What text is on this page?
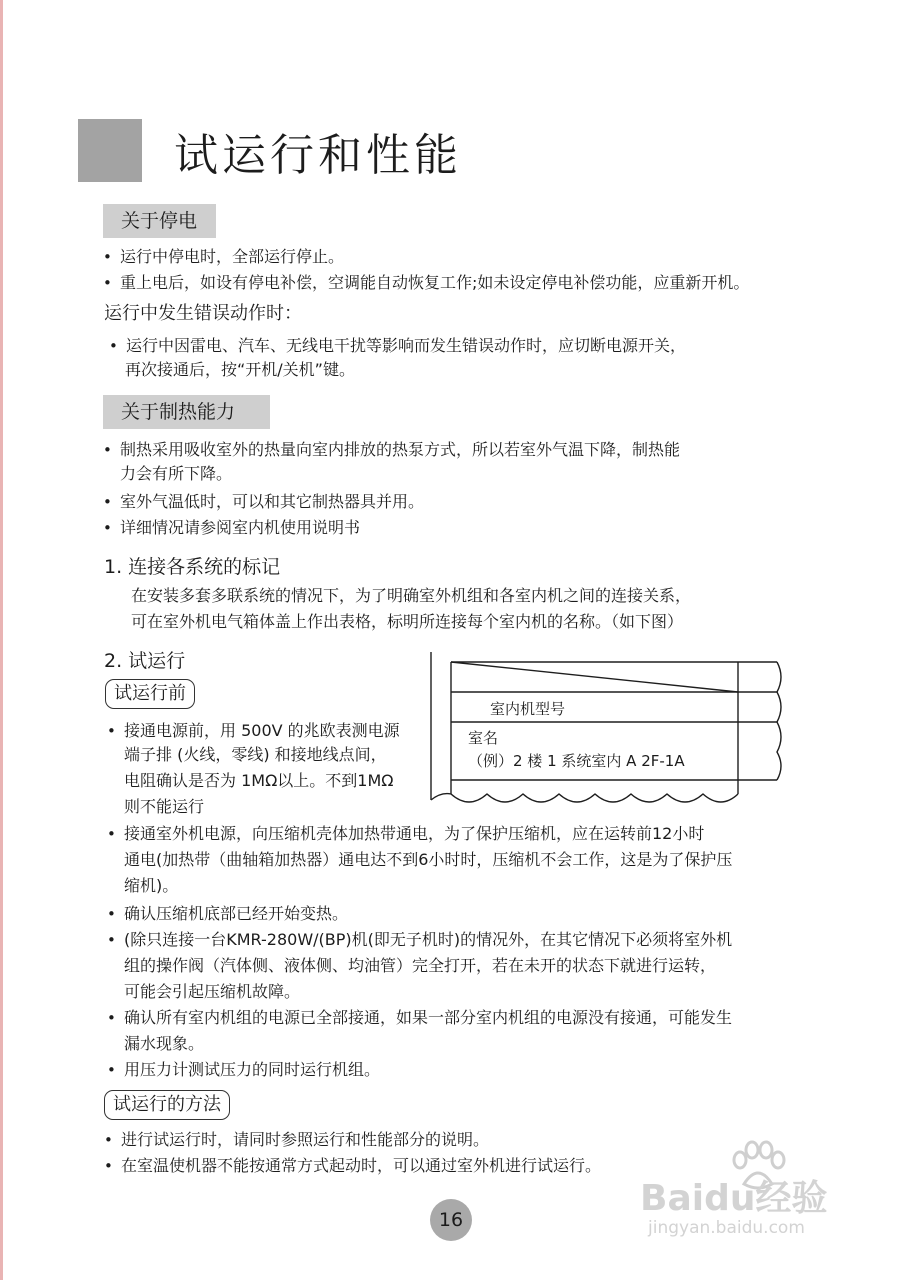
试运行和性能
关于停电
• 运行中停电时，全部运行停止。
• 重上电后，如设有停电补偿，空调能自动恢复工作;如未设定停电补偿功能，应重新开机。
运行中发生错误动作时：
• 运行中因雷电、汽车、无线电干扰等影响而发生错误动作时，应切断电源开关，
再次接通后，按“开机/关机”键。
关于制热能力
• 制热采用吸收室外的热量向室内排放的热泵方式，所以若室外气温下降，制热能
力会有所下降。
• 室外气温低时，可以和其它制热器具并用。
• 详细情况请参阅室内机使用说明书
1. 连接各系统的标记
在安装多套多联系统的情况下，为了明确室外机组和各室内机之间的连接关系，
可在室外机电气箱体盖上作出表格，标明所连接每个室内机的名称。（如下图）
2. 试运行
试运行前
• 接通电源前，用 500V 的兆欧表测电源
端子排 (火线，零线) 和接地线点间，
电阻确认是否为 1MΩ以上。不到1MΩ
则不能运行
• 接通室外机电源，向压缩机壳体加热带通电，为了保护压缩机，应在运转前12小时
通电(加热带（曲轴箱加热器）通电达不到6小时时，压缩机不会工作，这是为了保护压
缩机)。
• 确认压缩机底部已经开始变热。
• (除只连接一台KMR-280W/(BP)机(即无子机时)的情况外，在其它情况下必须将室外机
组的操作阀（汽体侧、液体侧、均油管）完全打开，若在未开的状态下就进行运转，
可能会引起压缩机故障。
• 确认所有室内机组的电源已全部接通，如果一部分室内机组的电源没有接通，可能发生
漏水现象。
• 用压力计测试压力的同时运行机组。
试运行的方法
• 进行试运行时，请同时参照运行和性能部分的说明。
• 在室温使机器不能按通常方式起动时，可以通过室外机进行试运行。
室内机型号
室名
（例）2 楼 1 系统室内 A 2F-1A
16
Baidu经验
jingyan.baidu.com
